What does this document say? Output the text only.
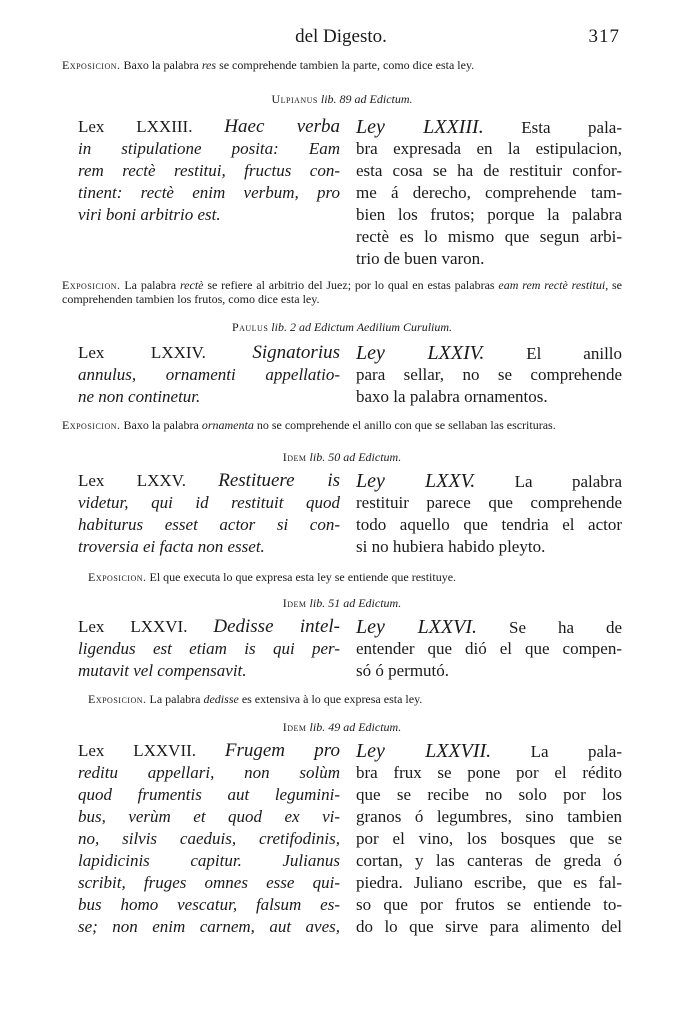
del Digesto.	317
Exposicion. Baxo la palabra res se comprehende tambien la parte, como dice esta ley.
Ulpianus lib. 89 ad Edictum.
Lex LXXIII. Haec verba
in stipulatione posita: Eam
rem rectè restitui, fructus con-
tinent: rectè enim verbum, pro
viri boni arbitrio est.
Ley LXXIII. Esta pala-
bra expresada en la estipulacion,
esta cosa se ha de restituir confor-
me á derecho, comprehende tam-
bien los frutos; porque la palabra
rectè es lo mismo que segun arbi-
trio de buen varon.
Exposicion. La palabra rectè se refiere al arbitrio del Juez; por lo qual en estas palabras eam rem rectè restitui, se comprehenden tambien los frutos, como dice esta ley.
Paulus lib. 2 ad Edictum Aedilium Curulium.
Lex LXXIV. Signatorius
annulus, ornamenti appellatio-
ne non continetur.
Ley LXXIV. El anillo
para sellar, no se comprehende
baxo la palabra ornamentos.
Exposicion. Baxo la palabra ornamenta no se comprehende el anillo con que se sellaban las escrituras.
Idem lib. 50 ad Edictum.
Lex LXXV. Restituere is
videtur, qui id restituit quod
habiturus esset actor si con-
troversia ei facta non esset.
Ley LXXV. La palabra
restituir parece que comprehende
todo aquello que tendria el actor
si no hubiera habido pleyto.
Exposicion. El que executa lo que expresa esta ley se entiende que restituye.
Idem lib. 51 ad Edictum.
Lex LXXVI. Dedisse intel-
ligendus est etiam is qui per-
mutavit vel compensavit.
Ley LXXVI. Se ha de
entender que dió el que compen-
só ó permutó.
Exposicion. La palabra dedisse es extensiva à lo que expresa esta ley.
Idem lib. 49 ad Edictum.
Lex LXXVII. Frugem pro
reditu appellari, non solùm
quod frumentis aut legumini-
bus, verùm et quod ex vi-
no, silvis caeduis, cretifodinis,
lapidicinis capitur. Julianus
scribit, fruges omnes esse qui-
bus homo vescatur, falsum es-
se; non enim carnem, aut aves,
Ley LXXVII. La pala-
bra frux se pone por el rédito
que se recibe no solo por los
granos ó legumbres, sino tambien
por el vino, los bosques que se
cortan, y las canteras de greda ó
piedra. Juliano escribe, que es fal-
so que por frutos se entiende to-
do lo que sirve para alimento del
